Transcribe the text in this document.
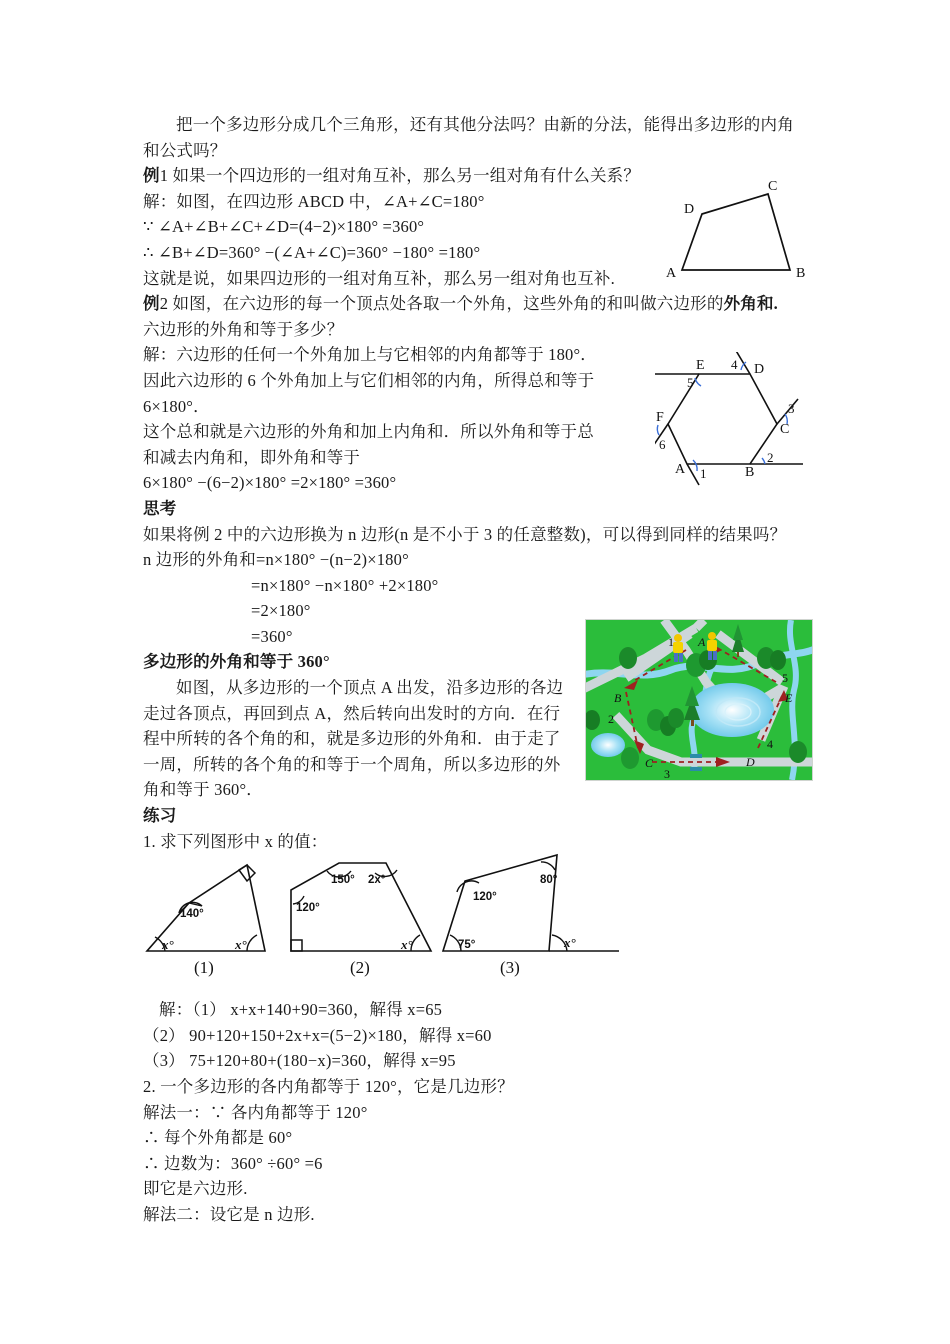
把一个多边形分成几个三角形，还有其他分法吗？由新的分法，能得出多边形的内角
和公式吗？
例1 如果一个四边形的一组对角互补，那么另一组对角有什么关系？
解：如图，在四边形 ABCD 中，∠A+∠C=180°
∵ ∠A+∠B+∠C+∠D=(4−2)×180° =360°
∴ ∠B+∠D=360° −(∠A+∠C)=360° −180° =180°
这就是说，如果四边形的一组对角互补，那么另一组对角也互补.
例2 如图，在六边形的每一个顶点处各取一个外角，这些外角的和叫做六边形的外角和.
六边形的外角和等于多少？
解：六边形的任何一个外角加上与它相邻的内角都等于 180°．
因此六边形的 6 个外角加上与它们相邻的内角，所得总和等于
6×180°．
这个总和就是六边形的外角和加上内角和．所以外角和等于总
和减去内角和，即外角和等于
6×180° −(6−2)×180° =2×180° =360°
思考
如果将例 2 中的六边形换为 n 边形(n 是不小于 3 的任意整数)，可以得到同样的结果吗？
n 边形的外角和=n×180° −(n−2)×180°
=n×180° −n×180° +2×180°
=2×180°
=360°
多边形的外角和等于 360°
如图，从多边形的一个顶点 A 出发，沿多边形的各边
走过各顶点，再回到点 A，然后转向出发时的方向．在行
程中所转的各个角的和，就是多边形的外角和．由于走了
一周，所转的各个角的和等于一个周角，所以多边形的外
角和等于 360°．
练习
1. 求下列图形中 x 的值：
解：（1） x+x+140+90=360，解得 x=65
（2） 90+120+150+2x+x=(5−2)×180，解得 x=60
（3） 75+120+80+(180−x)=360，解得 x=95
2. 一个多边形的各内角都等于 120°，它是几边形？
解法一：∵ 各内角都等于 120°
∴ 每个外角都是 60°
∴ 边数为：360° ÷60° =6
即它是六边形.
解法二：设它是 n 边形.
A	B
C
D
A	B
C
D
E
F
1
2
3
4
5
6
A
B
C	D
E
1
2
3
4
5
140°
x°	x°
(1)
120°
150° 2x°
x°
(2)
120°
80°
75°	x°
(3)
